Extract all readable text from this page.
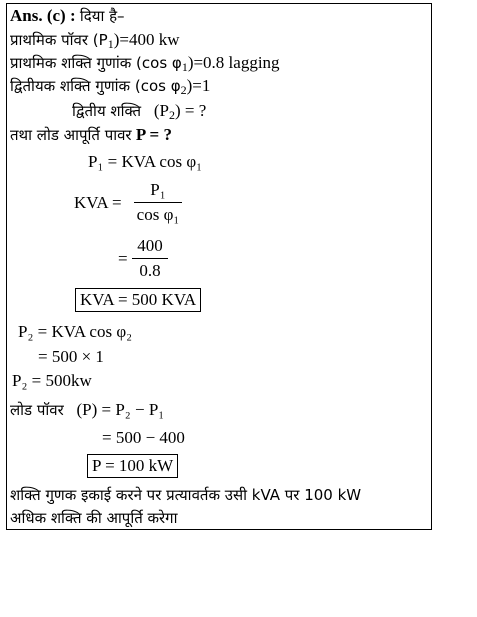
Ans. (c) : दिया है–
प्राथमिक पॉवर $(P_1)=400$ kw
प्राथमिक शक्ति गुणांक (cos $\varphi_1)=0.8$ lagging
द्वितीयक शक्ति गुणांक (cos $\varphi_2)=1$
द्वितीय शक्ति $(P_2)$ = ?
तथा लोड आपूर्ति पावर P = ?
P₁ = KVA cos φ₁
KVA =
P₁
cos φ₁
=
400
0.8
KVA = 500 KVA
P₂ = KVA cos φ₂
= 500 × 1
P₂ = 500kw
लोड पॉवर (P) = P₂ − P₁
= 500 − 400
P = 100 kW
शक्ति गुणक इकाई करने पर प्रत्यावर्तक उसी kVA पर 100 kW
अधिक शक्ति की आपूर्ति करेगा
